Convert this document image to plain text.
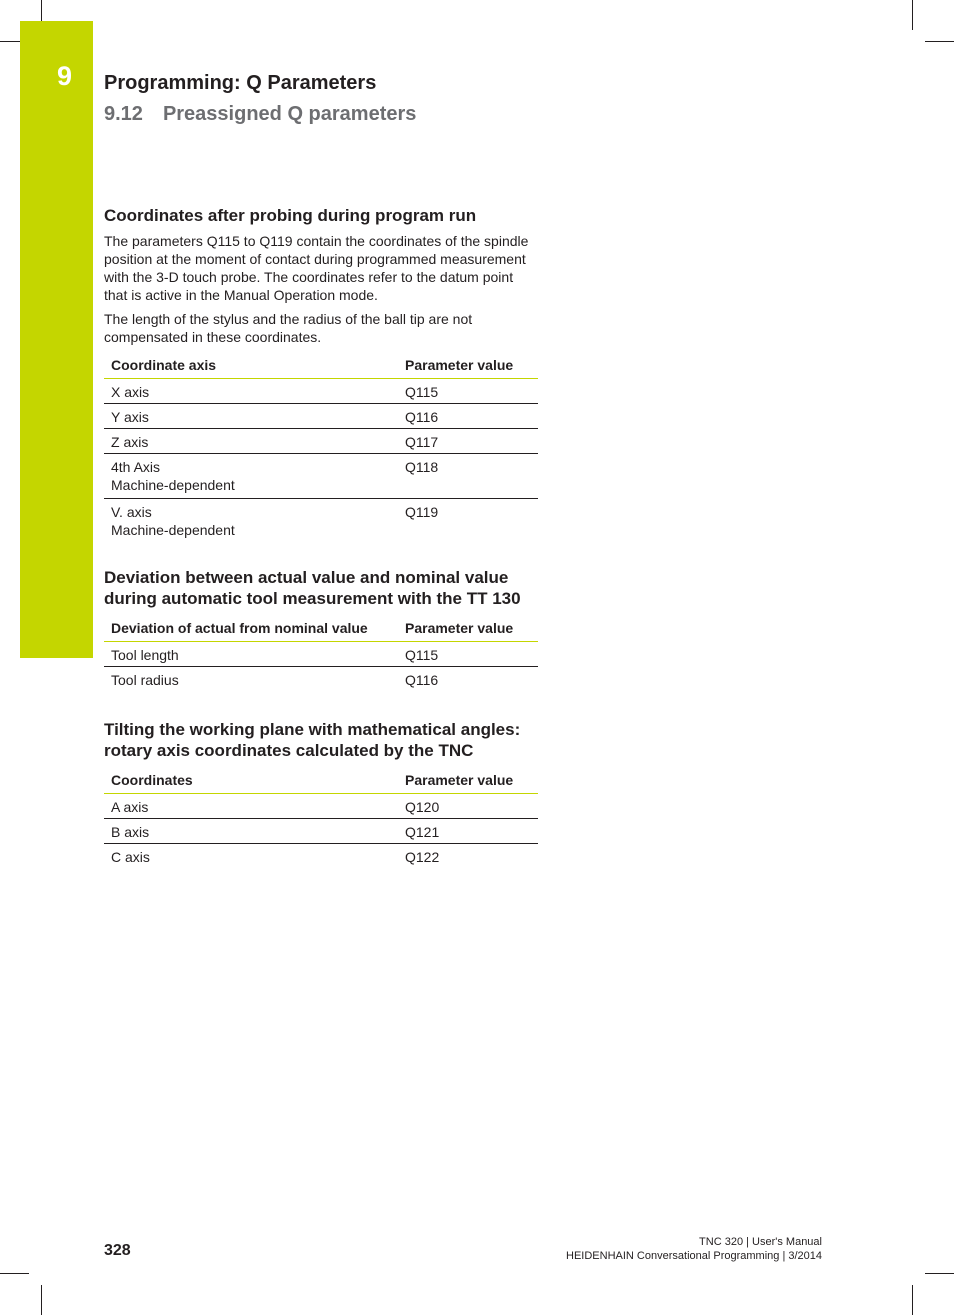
9 Programming: Q Parameters
9.12 Preassigned Q parameters
Coordinates after probing during program run

The parameters Q115 to Q119 contain the coordinates of the spindle position at the moment of contact during programmed measurement with the 3-D touch probe. The coordinates refer to the datum point that is active in the Manual Operation mode.

The length of the stylus and the radius of the ball tip are not compensated in these coordinates.

Coordinate axis	Parameter value
X axis	Q115
Y axis	Q116
Z axis	Q117
4th Axis
Machine-dependent	Q118
V. axis
Machine-dependent	Q119
Deviation between actual value and nominal value during automatic tool measurement with the TT 130
Deviation of actual from nominal value	Parameter value
Tool length	Q115
Tool radius	Q116
Tilting the working plane with mathematical angles: rotary axis coordinates calculated by the TNC
Coordinates	Parameter value
A axis	Q120
B axis	Q121
C axis	Q122
328	TNC 320 | User's Manual
HEIDENHAIN Conversational Programming | 3/2014
